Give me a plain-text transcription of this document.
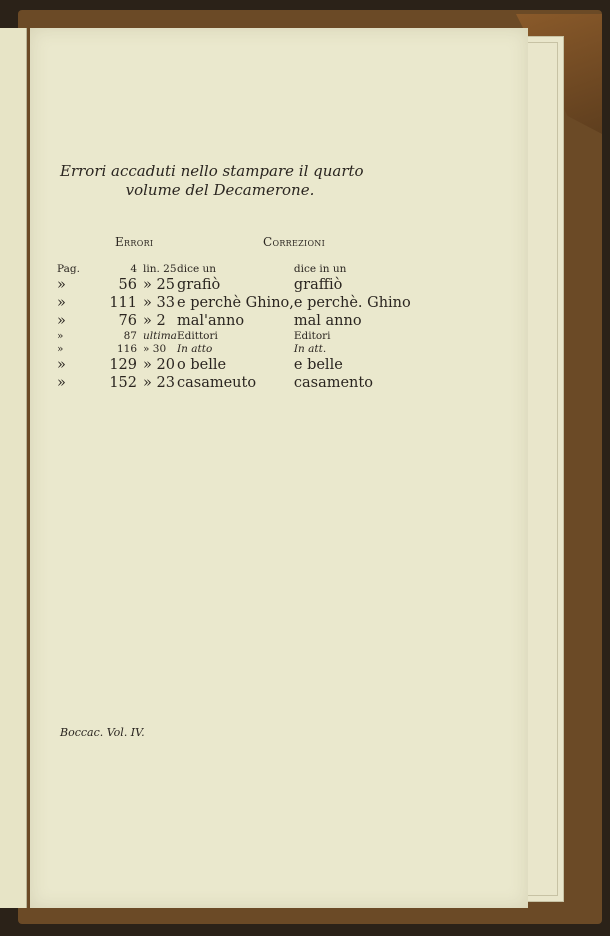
Errori accaduti nello stampare il quarto
volume del Decamerone.
Errori	Correzioni
Pag.	4	lin. 25	dice un	dice in un
»	56	» 25	grafiò	graffiò
»	111	» 33	e perchè Ghino,	e perchè. Ghino
»	76	» 2	mal'anno	mal anno
»	87	ultima	Edittori	Editori
»	116	» 30	In atto	In att.
»	129	» 20	o belle	e belle
»	152	» 23	casameuto	casamento
Boccac. Vol. IV.
